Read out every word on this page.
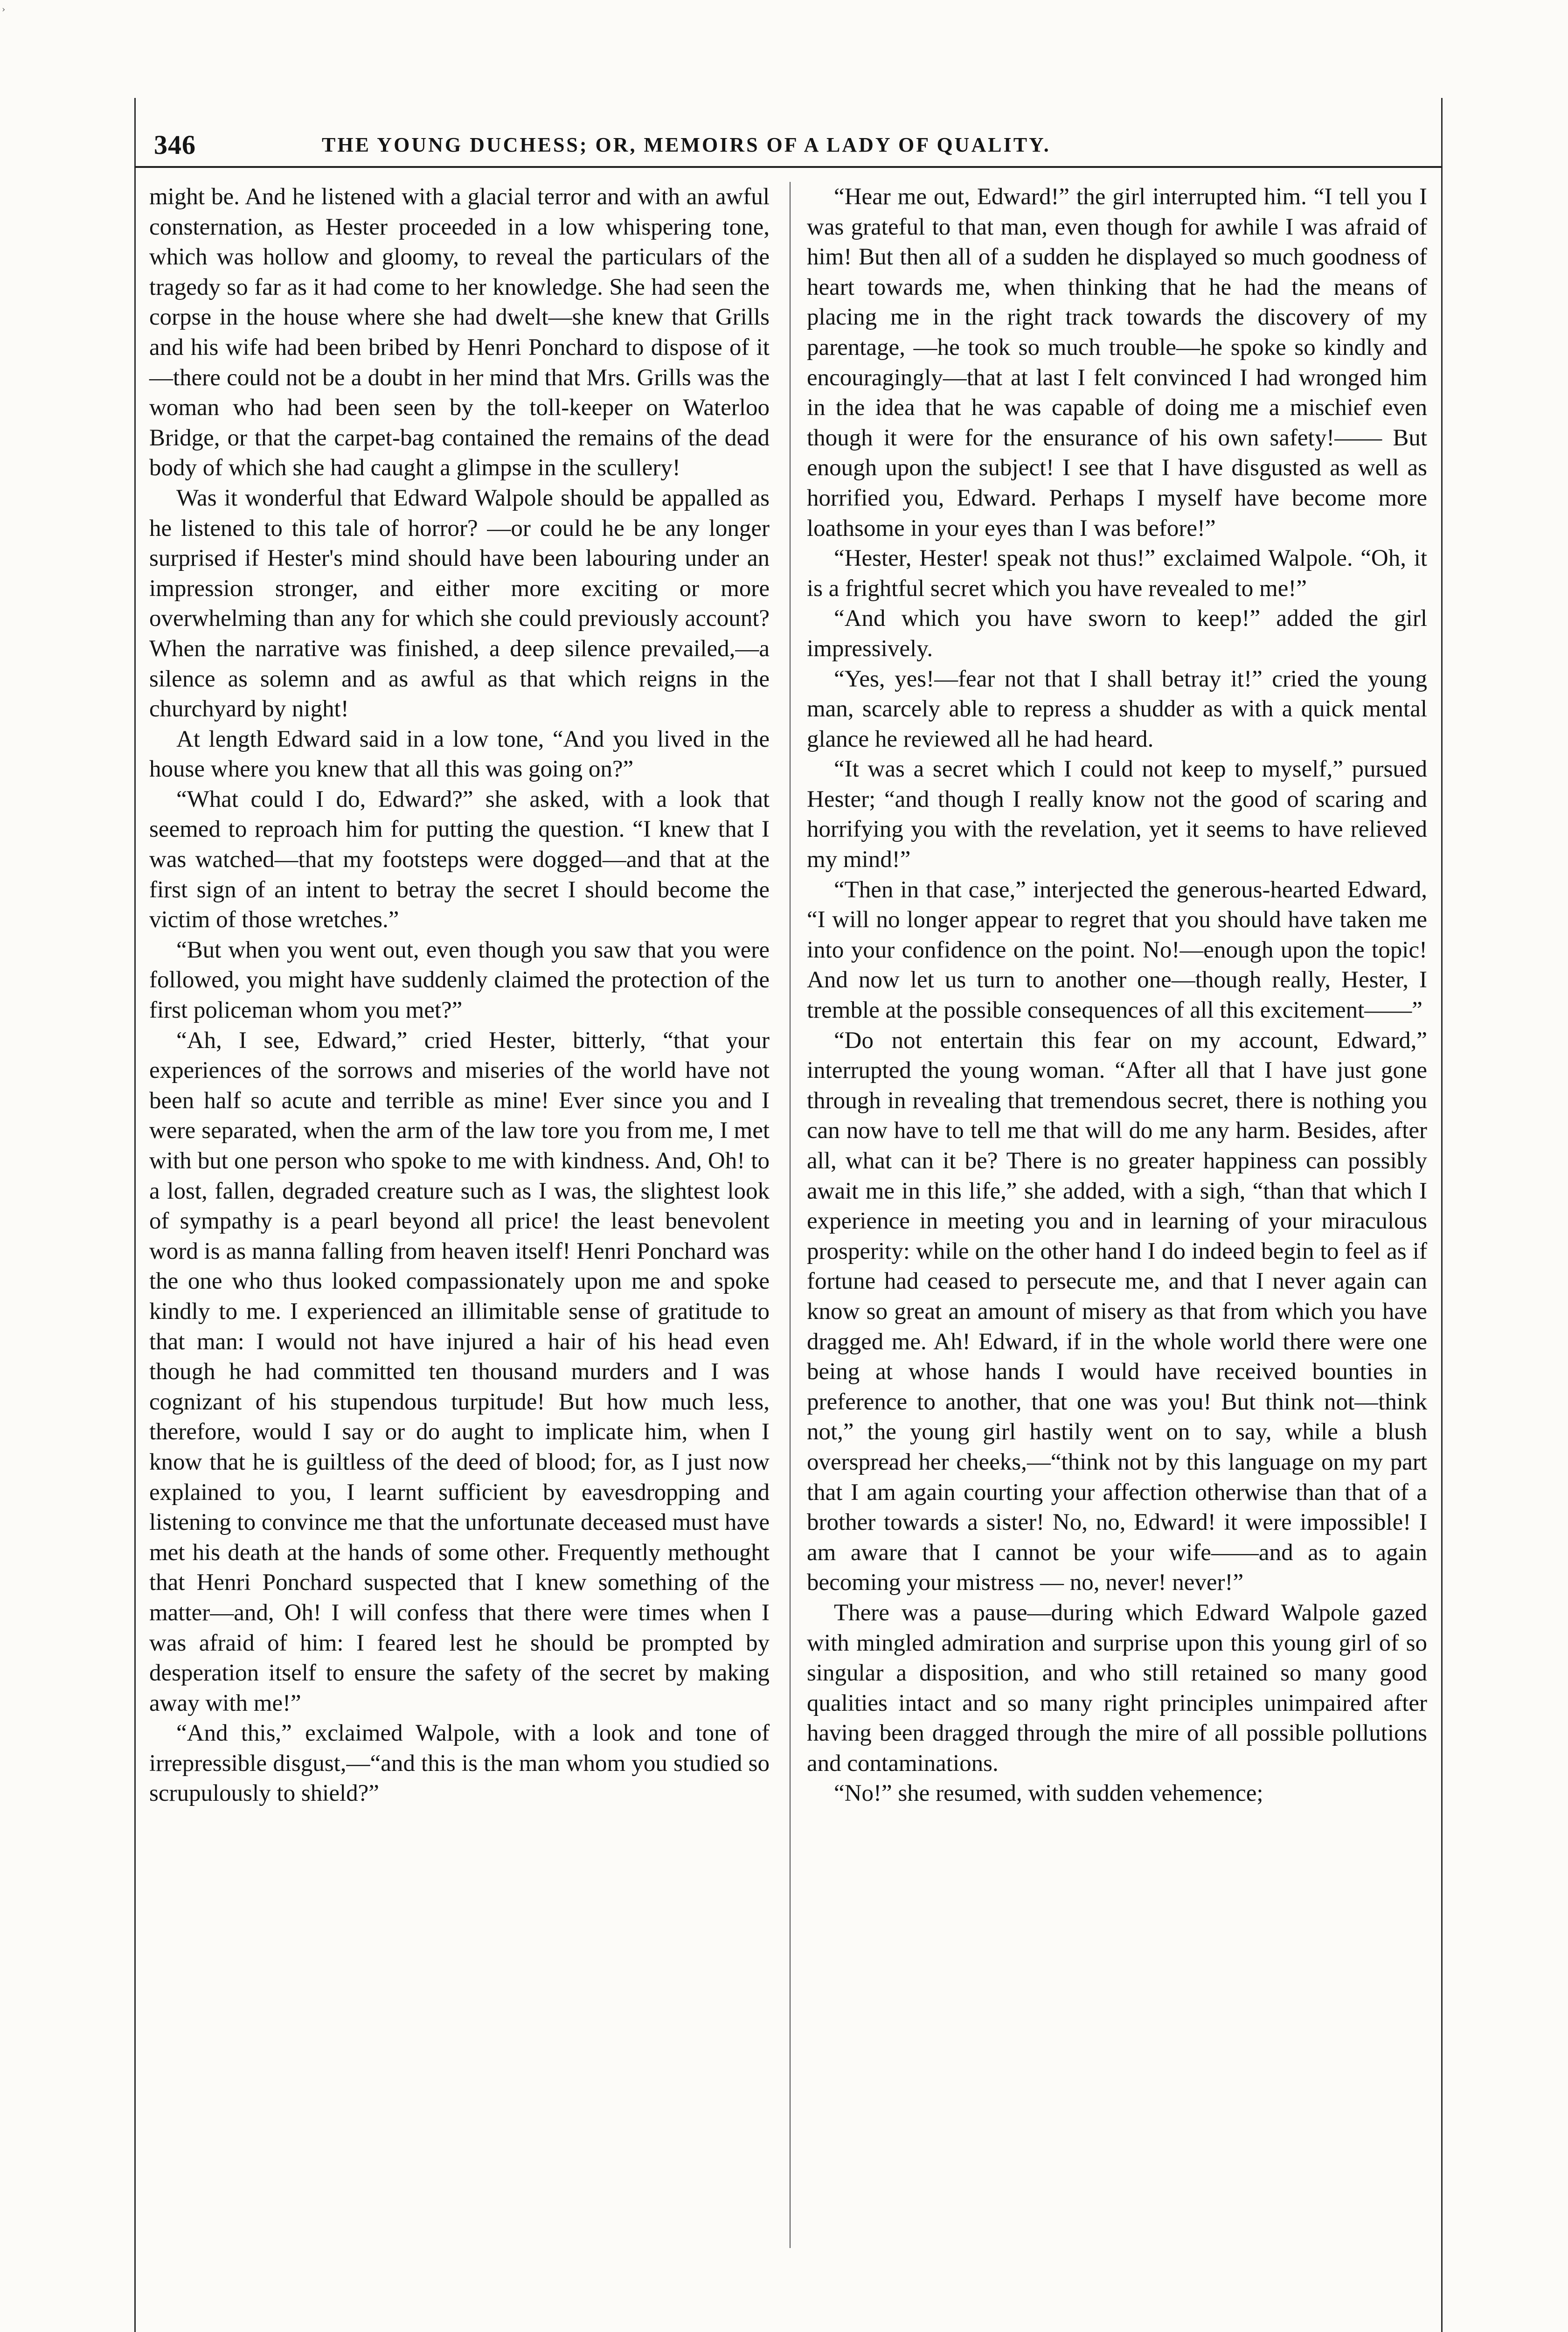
›
346	THE YOUNG DUCHESS; OR, MEMOIRS OF A LADY OF QUALITY.

might be. And he listened with a glacial terror and with an awful consternation, as Hester proceeded in a low whispering tone, which was hollow and gloomy, to reveal the particulars of the tragedy so far as it had come to her knowledge. She had seen the corpse in the house where she had dwelt—she knew that Grills and his wife had been bribed by Henri Ponchard to dispose of it—there could not be a doubt in her mind that Mrs. Grills was the woman who had been seen by the toll-keeper on Waterloo Bridge, or that the carpet-bag contained the remains of the dead body of which she had caught a glimpse in the scullery!

Was it wonderful that Edward Walpole should be appalled as he listened to this tale of horror? —or could he be any longer surprised if Hester's mind should have been labouring under an impression stronger, and either more exciting or more overwhelming than any for which she could previously account? When the narrative was finished, a deep silence prevailed,—a silence as solemn and as awful as that which reigns in the churchyard by night!

At length Edward said in a low tone, “And you lived in the house where you knew that all this was going on?”

“What could I do, Edward?” she asked, with a look that seemed to reproach him for putting the question. “I knew that I was watched—that my footsteps were dogged—and that at the first sign of an intent to betray the secret I should become the victim of those wretches.”

“But when you went out, even though you saw that you were followed, you might have suddenly claimed the protection of the first policeman whom you met?”

“Ah, I see, Edward,” cried Hester, bitterly, “that your experiences of the sorrows and miseries of the world have not been half so acute and terrible as mine! Ever since you and I were separated, when the arm of the law tore you from me, I met with but one person who spoke to me with kindness. And, Oh! to a lost, fallen, degraded creature such as I was, the slightest look of sympathy is a pearl beyond all price! the least benevolent word is as manna falling from heaven itself! Henri Ponchard was the one who thus looked compassionately upon me and spoke kindly to me. I experienced an illimitable sense of gratitude to that man: I would not have injured a hair of his head even though he had committed ten thousand murders and I was cognizant of his stupendous turpitude! But how much less, therefore, would I say or do aught to implicate him, when I know that he is guiltless of the deed of blood; for, as I just now explained to you, I learnt sufficient by eavesdropping and listening to convince me that the unfortunate deceased must have met his death at the hands of some other. Frequently methought that Henri Ponchard suspected that I knew something of the matter—and, Oh! I will confess that there were times when I was afraid of him: I feared lest he should be prompted by desperation itself to ensure the safety of the secret by making away with me!”

“And this,” exclaimed Walpole, with a look and tone of irrepressible disgust,—“and this is the man whom you studied so scrupulously to shield?”

“Hear me out, Edward!” the girl interrupted him. “I tell you I was grateful to that man, even though for awhile I was afraid of him! But then all of a sudden he displayed so much goodness of heart towards me, when thinking that he had the means of placing me in the right track towards the discovery of my parentage, —he took so much trouble—he spoke so kindly and encouragingly—that at last I felt convinced I had wronged him in the idea that he was capable of doing me a mischief even though it were for the ensurance of his own safety!—— But enough upon the subject! I see that I have disgusted as well as horrified you, Edward. Perhaps I myself have become more loathsome in your eyes than I was before!”

“Hester, Hester! speak not thus!” exclaimed Walpole. “Oh, it is a frightful secret which you have revealed to me!”

“And which you have sworn to keep!” added the girl impressively.

“Yes, yes!—fear not that I shall betray it!” cried the young man, scarcely able to repress a shudder as with a quick mental glance he reviewed all he had heard.

“It was a secret which I could not keep to myself,” pursued Hester; “and though I really know not the good of scaring and horrifying you with the revelation, yet it seems to have relieved my mind!”

“Then in that case,” interjected the generous-hearted Edward, “I will no longer appear to regret that you should have taken me into your confidence on the point. No!—enough upon the topic! And now let us turn to another one—though really, Hester, I tremble at the possible consequences of all this excitement——”

“Do not entertain this fear on my account, Edward,” interrupted the young woman. “After all that I have just gone through in revealing that tremendous secret, there is nothing you can now have to tell me that will do me any harm. Besides, after all, what can it be? There is no greater happiness can possibly await me in this life,” she added, with a sigh, “than that which I experience in meeting you and in learning of your miraculous prosperity: while on the other hand I do indeed begin to feel as if fortune had ceased to persecute me, and that I never again can know so great an amount of misery as that from which you have dragged me. Ah! Edward, if in the whole world there were one being at whose hands I would have received bounties in preference to another, that one was you! But think not—think not,” the young girl hastily went on to say, while a blush overspread her cheeks,—“think not by this language on my part that I am again courting your affection otherwise than that of a brother towards a sister! No, no, Edward! it were impossible! I am aware that I cannot be your wife——and as to again becoming your mistress — no, never! never!”

There was a pause—during which Edward Walpole gazed with mingled admiration and surprise upon this young girl of so singular a disposition, and who still retained so many good qualities intact and so many right principles unimpaired after having been dragged through the mire of all possible pollutions and contaminations.

“No!” she resumed, with sudden vehemence;
